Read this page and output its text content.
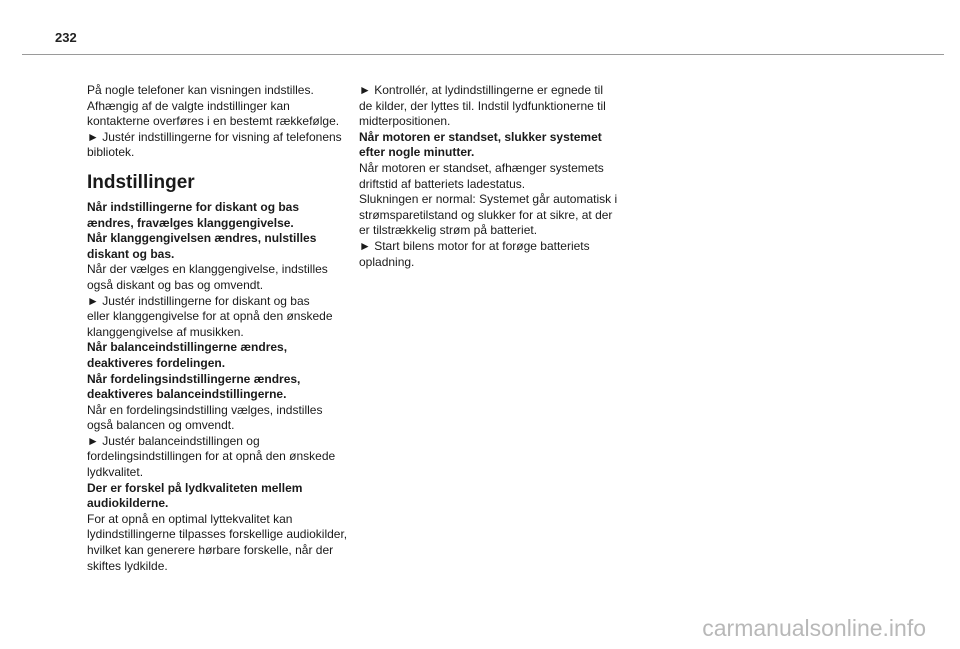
232

På nogle telefoner kan visningen indstilles.
Afhængig af de valgte indstillinger kan
kontakterne overføres i en bestemt rækkefølge.

► Justér indstillingerne for visning af telefonens
bibliotek.

Indstillinger

Når indstillingerne for diskant og bas
ændres, fravælges klanggengivelse.
Når klanggengivelsen ændres, nulstilles
diskant og bas.

Når der vælges en klanggengivelse, indstilles
også diskant og bas og omvendt.

► Justér indstillingerne for diskant og bas
eller klanggengivelse for at opnå den ønskede
klanggengivelse af musikken.

Når balanceindstillingerne ændres,
deaktiveres fordelingen.
Når fordelingsindstillingerne ændres,
deaktiveres balanceindstillingerne.

Når en fordelingsindstilling vælges, indstilles
også balancen og omvendt.

► Justér balanceindstillingen og
fordelingsindstillingen for at opnå den ønskede
lydkvalitet.

Der er forskel på lydkvaliteten mellem
audiokilderne.

For at opnå en optimal lyttekvalitet kan
lydindstillingerne tilpasses forskellige audiokilder,
hvilket kan generere hørbare forskelle, når der
skiftes lydkilde.

► Kontrollér, at lydindstillingerne er egnede til
de kilder, der lyttes til. Indstil lydfunktionerne til
midterpositionen.

Når motoren er standset, slukker systemet
efter nogle minutter.

Når motoren er standset, afhænger systemets
driftstid af batteriets ladestatus.
Slukningen er normal: Systemet går automatisk i
strømsparetilstand og slukker for at sikre, at der
er tilstrækkelig strøm på batteriet.

► Start bilens motor for at forøge batteriets
opladning.

carmanualsonline.info
